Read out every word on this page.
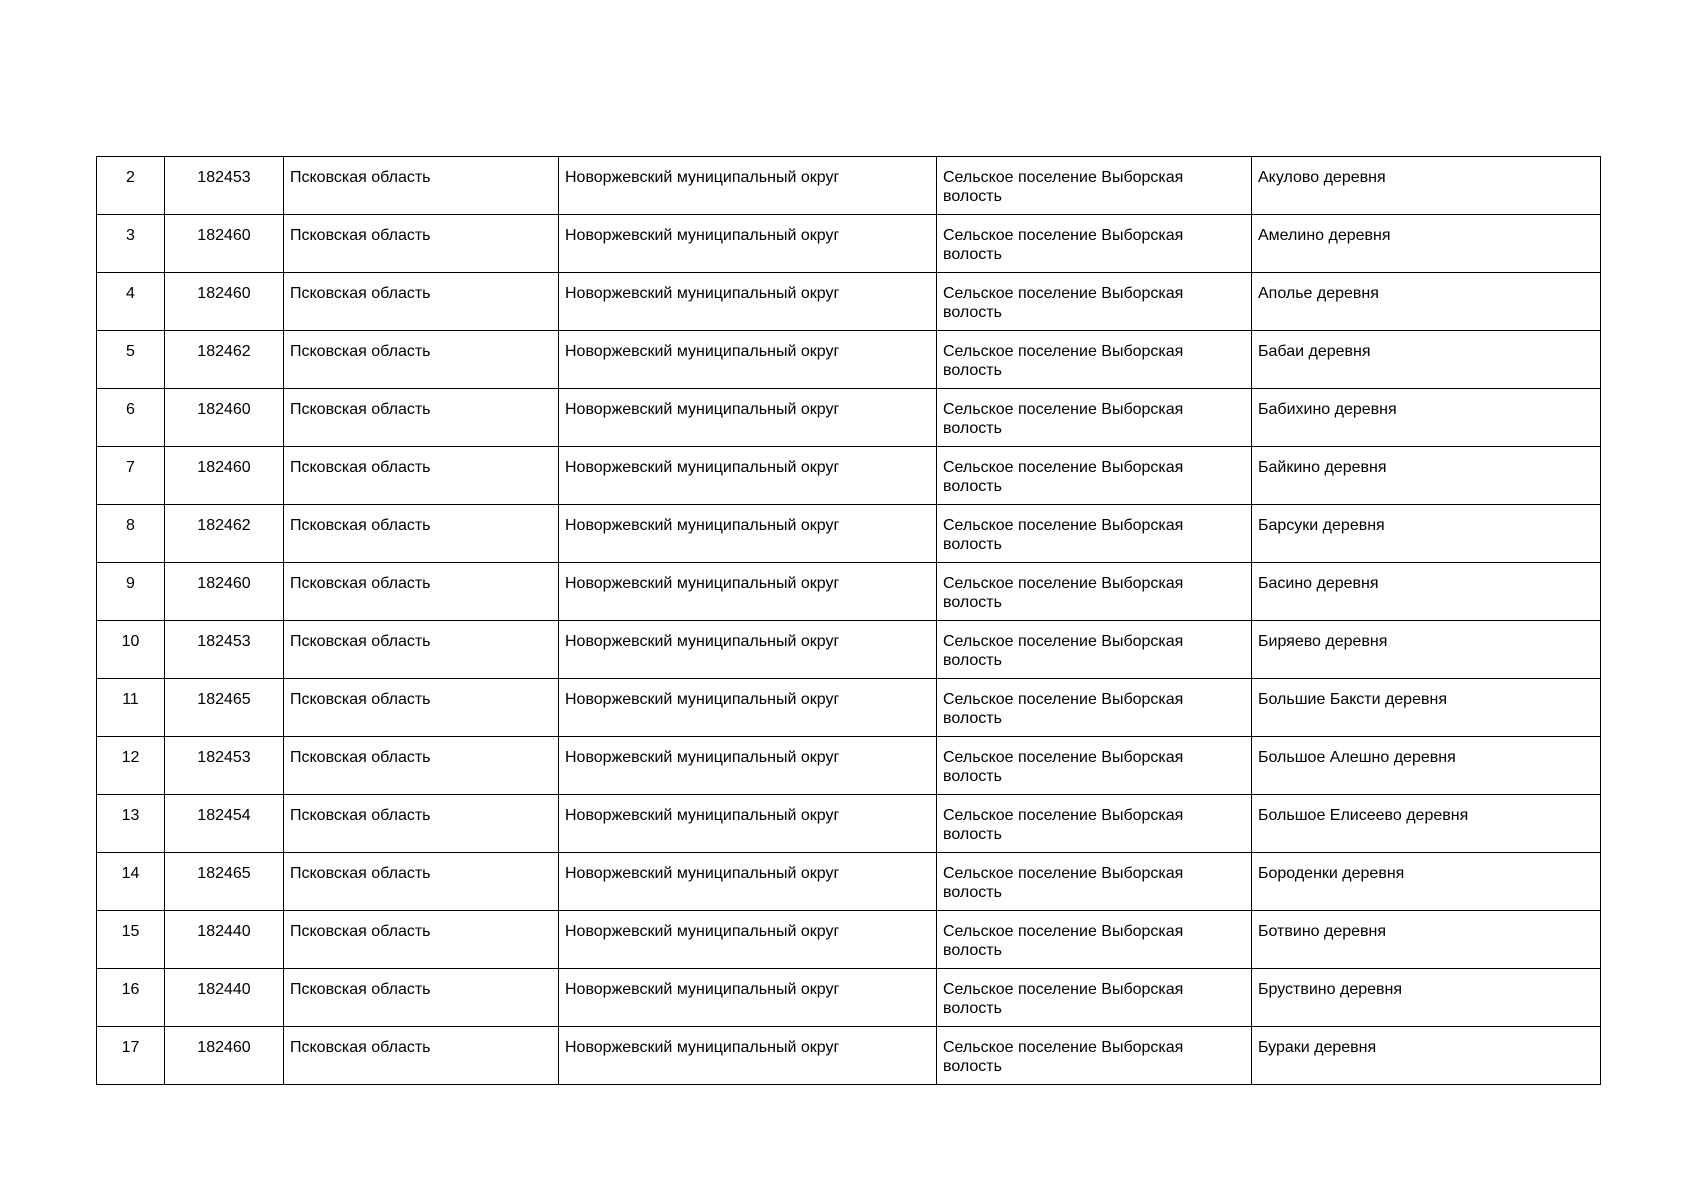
2	182453	Псковская область	Новоржевский муниципальный округ	Сельское поселение Выборская волость	Акулово деревня
3	182460	Псковская область	Новоржевский муниципальный округ	Сельское поселение Выборская волость	Амелино деревня
4	182460	Псковская область	Новоржевский муниципальный округ	Сельское поселение Выборская волость	Аполье деревня
5	182462	Псковская область	Новоржевский муниципальный округ	Сельское поселение Выборская волость	Бабаи деревня
6	182460	Псковская область	Новоржевский муниципальный округ	Сельское поселение Выборская волость	Бабихино деревня
7	182460	Псковская область	Новоржевский муниципальный округ	Сельское поселение Выборская волость	Байкино деревня
8	182462	Псковская область	Новоржевский муниципальный округ	Сельское поселение Выборская волость	Барсуки деревня
9	182460	Псковская область	Новоржевский муниципальный округ	Сельское поселение Выборская волость	Басино деревня
10	182453	Псковская область	Новоржевский муниципальный округ	Сельское поселение Выборская волость	Биряево деревня
11	182465	Псковская область	Новоржевский муниципальный округ	Сельское поселение Выборская волость	Большие Бaкcти деревня
12	182453	Псковская область	Новоржевский муниципальный округ	Сельское поселение Выборская волость	Большое Алешно деревня
13	182454	Псковская область	Новоржевский муниципальный округ	Сельское поселение Выборская волость	Большое Елисеево деревня
14	182465	Псковская область	Новоржевский муниципальный округ	Сельское поселение Выборская волость	Бороденки деревня
15	182440	Псковская область	Новоржевский муниципальный округ	Сельское поселение Выборская волость	Ботвино деревня
16	182440	Псковская область	Новоржевский муниципальный округ	Сельское поселение Выборская волость	Бруствино деревня
17	182460	Псковская область	Новоржевский муниципальный округ	Сельское поселение Выборская волость	Бураки деревня
